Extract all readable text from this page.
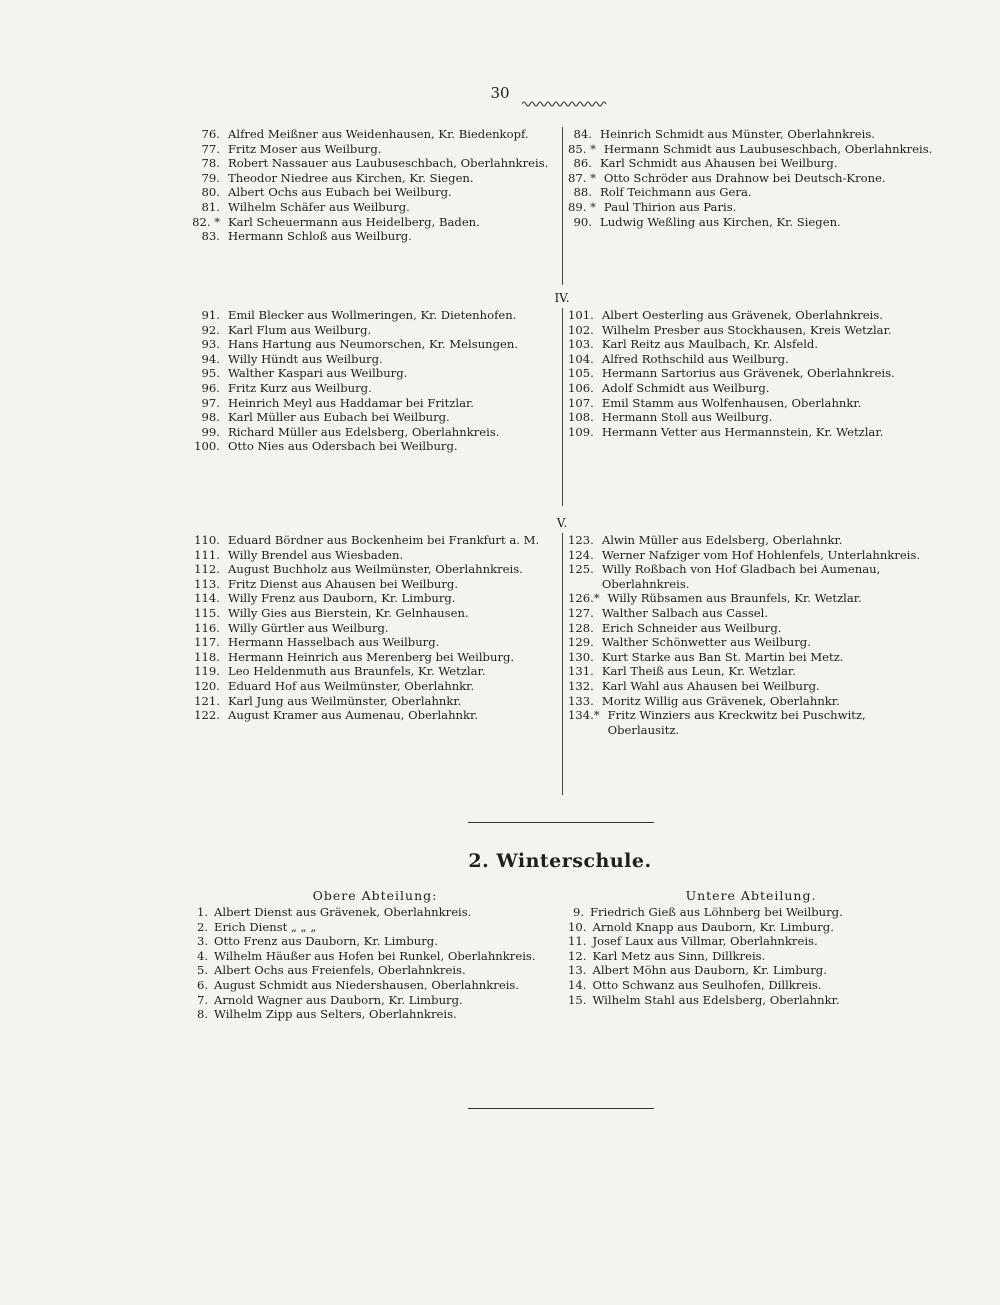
30
76. Alfred Meißner aus Weidenhausen, Kr. Biedenkopf.
77. Fritz Moser aus Weilburg.
78. Robert Nassauer aus Laubuseschbach, Oberlahnkreis.
79. Theodor Niedree aus Kirchen, Kr. Siegen.
80. Albert Ochs aus Eubach bei Weilburg.
81. Wilhelm Schäfer aus Weilburg.
82. * Karl Scheuermann aus Heidelberg, Baden.
83. Hermann Schloß aus Weilburg.
84. Heinrich Schmidt aus Münster, Oberlahnkreis.
85. * Hermann Schmidt aus Laubuseschbach, Oberlahnkreis.
86. Karl Schmidt aus Ahausen bei Weilburg.
87. * Otto Schröder aus Drahnow bei Deutsch-Krone.
88. Rolf Teichmann aus Gera.
89. * Paul Thirion aus Paris.
90. Ludwig Weßling aus Kirchen, Kr. Siegen.
IV.
91. Emil Blecker aus Wollmeringen, Kr. Dietenhofen.
92. Karl Flum aus Weilburg.
93. Hans Hartung aus Neumorschen, Kr. Melsungen.
94. Willy Hündt aus Weilburg.
95. Walther Kaspari aus Weilburg.
96. Fritz Kurz aus Weilburg.
97. Heinrich Meyl aus Haddamar bei Fritzlar.
98. Karl Müller aus Eubach bei Weilburg.
99. Richard Müller aus Edelsberg, Oberlahnkreis.
100. Otto Nies aus Odersbach bei Weilburg.
101. Albert Oesterling aus Grävenek, Oberlahnkreis.
102. Wilhelm Presber aus Stockhausen, Kreis Wetzlar.
103. Karl Reitz aus Maulbach, Kr. Alsfeld.
104. Alfred Rothschild aus Weilburg.
105. Hermann Sartorius aus Grävenek, Oberlahnkreis.
106. Adolf Schmidt aus Weilburg.
107. Emil Stamm aus Wolfenhausen, Oberlahnkr.
108. Hermann Stoll aus Weilburg.
109. Hermann Vetter aus Hermannstein, Kr. Wetzlar.
V.
110. Eduard Bördner aus Bockenheim bei Frankfurt a. M.
111. Willy Brendel aus Wiesbaden.
112. August Buchholz aus Weilmünster, Oberlahnkreis.
113. Fritz Dienst aus Ahausen bei Weilburg.
114. Willy Frenz aus Dauborn, Kr. Limburg.
115. Willy Gies aus Bierstein, Kr. Gelnhausen.
116. Willy Gürtler aus Weilburg.
117. Hermann Hasselbach aus Weilburg.
118. Hermann Heinrich aus Merenberg bei Weilburg.
119. Leo Heldenmuth aus Braunfels, Kr. Wetzlar.
120. Eduard Hof aus Weilmünster, Oberlahnkr.
121. Karl Jung aus Weilmünster, Oberlahnkr.
122. August Kramer aus Aumenau, Oberlahnkr.
123. Alwin Müller aus Edelsberg, Oberlahnkr.
124. Werner Nafziger vom Hof Hohlenfels, Unterlahnkreis.
125. Willy Roßbach von Hof Gladbach bei Aumenau, Oberlahnkreis.
126.* Willy Rübsamen aus Braunfels, Kr. Wetzlar.
127. Walther Salbach aus Cassel.
128. Erich Schneider aus Weilburg.
129. Walther Schönwetter aus Weilburg.
130. Kurt Starke aus Ban St. Martin bei Metz.
131. Karl Theiß aus Leun, Kr. Wetzlar.
132. Karl Wahl aus Ahausen bei Weilburg.
133. Moritz Willig aus Grävenek, Oberlahnkr.
134.* Fritz Winziers aus Kreckwitz bei Puschwitz, Oberlausitz.
2. Winterschule.
Obere Abteilung:	Untere Abteilung.
1. Albert Dienst aus Grävenek, Oberlahnkreis.
2. Erich Dienst „ „ „
3. Otto Frenz aus Dauborn, Kr. Limburg.
4. Wilhelm Häußer aus Hofen bei Runkel, Oberlahnkreis.
5. Albert Ochs aus Freienfels, Oberlahnkreis.
6. August Schmidt aus Niedershausen, Oberlahnkreis.
7. Arnold Wagner aus Dauborn, Kr. Limburg.
8. Wilhelm Zipp aus Selters, Oberlahnkreis.
9. Friedrich Gieß aus Löhnberg bei Weilburg.
10. Arnold Knapp aus Dauborn, Kr. Limburg.
11. Josef Laux aus Villmar, Oberlahnkreis.
12. Karl Metz aus Sinn, Dillkreis.
13. Albert Möhn aus Dauborn, Kr. Limburg.
14. Otto Schwanz aus Seulhofen, Dillkreis.
15. Wilhelm Stahl aus Edelsberg, Oberlahnkr.
